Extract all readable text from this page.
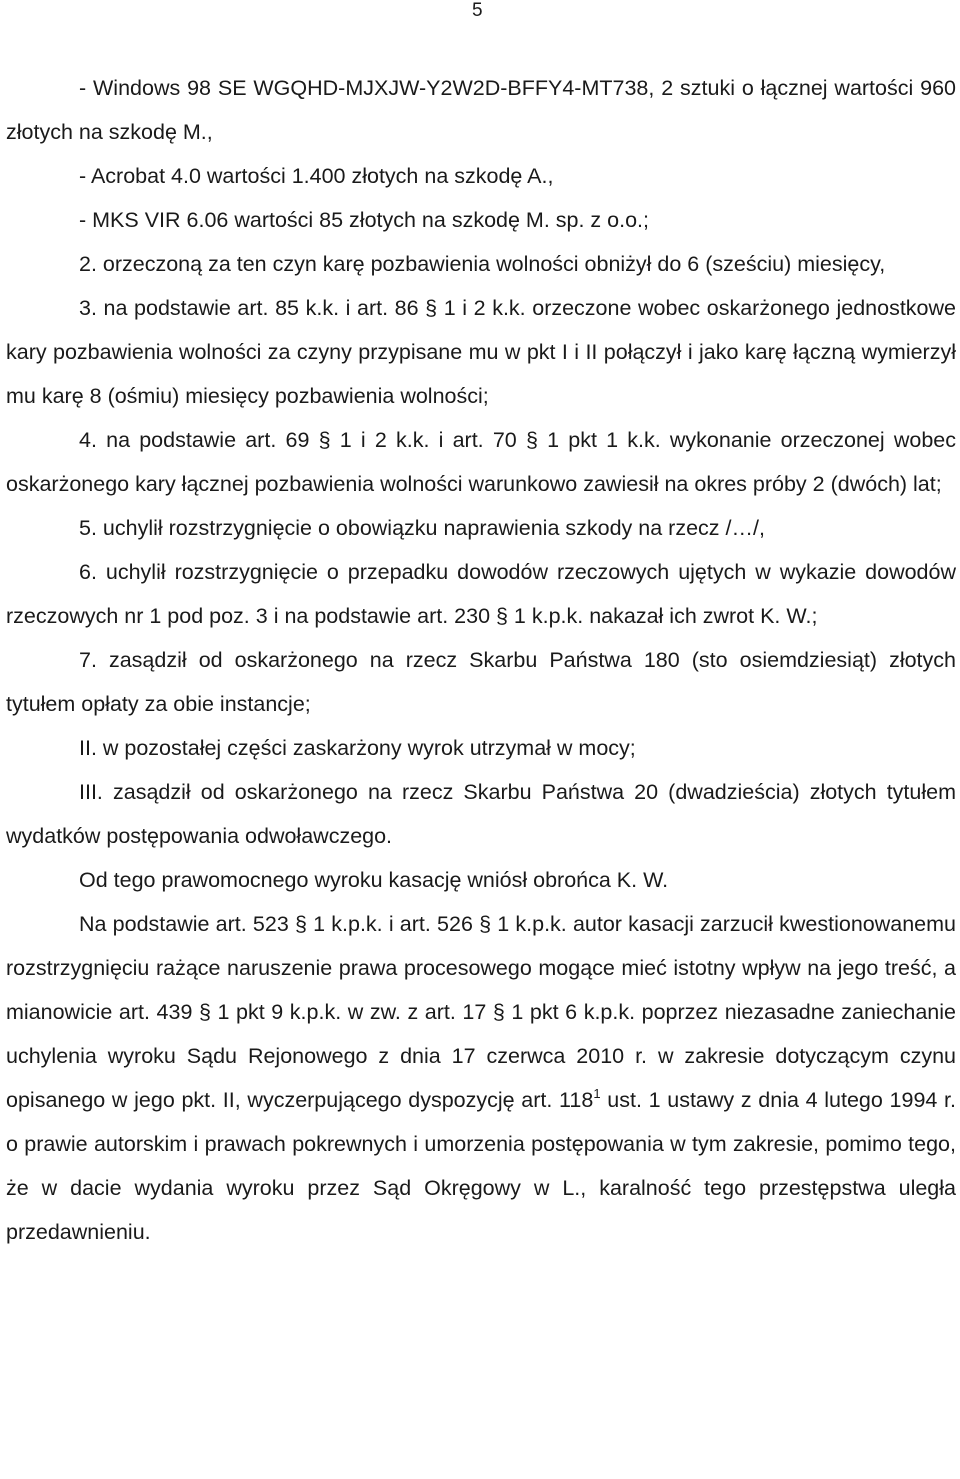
5

- Windows 98 SE WGQHD-MJXJW-Y2W2D-BFFY4-MT738, 2 sztuki o łącznej wartości 960 złotych na szkodę M.,

- Acrobat 4.0 wartości 1.400 złotych na szkodę A.,

- MKS VIR 6.06 wartości 85 złotych na szkodę M. sp. z o.o.;

2. orzeczoną za ten czyn karę pozbawienia wolności obniżył do 6 (sześciu) miesięcy,

3. na podstawie art. 85 k.k. i art. 86 § 1 i 2 k.k. orzeczone wobec oskarżonego jednostkowe kary pozbawienia wolności za czyny przypisane mu w pkt I i II połączył i jako karę łączną wymierzył mu karę 8 (ośmiu) miesięcy pozbawienia wolności;

4. na podstawie art. 69 § 1 i 2 k.k. i art. 70 § 1 pkt 1 k.k. wykonanie orzeczonej wobec oskarżonego kary łącznej pozbawienia wolności warunkowo zawiesił na okres próby 2 (dwóch) lat;

5. uchylił rozstrzygnięcie o obowiązku naprawienia szkody na rzecz /…/,

6. uchylił rozstrzygnięcie o przepadku dowodów rzeczowych ujętych w wykazie dowodów rzeczowych nr 1 pod poz. 3 i na podstawie art. 230 § 1 k.p.k. nakazał ich zwrot K. W.;

7. zasądził od oskarżonego na rzecz Skarbu Państwa 180 (sto osiemdziesiąt) złotych tytułem opłaty za obie instancje;

II. w pozostałej części zaskarżony wyrok utrzymał w mocy;

III. zasądził od oskarżonego na rzecz Skarbu Państwa 20 (dwadzieścia) złotych tytułem wydatków postępowania odwoławczego.

Od tego prawomocnego wyroku kasację wniósł obrońca K. W.

Na podstawie art. 523 § 1 k.p.k. i art. 526 § 1 k.p.k. autor kasacji zarzucił kwestionowanemu rozstrzygnięciu rażące naruszenie prawa procesowego mogące mieć istotny wpływ na jego treść, a mianowicie art. 439 § 1 pkt 9 k.p.k. w zw. z art. 17 § 1 pkt 6 k.p.k. poprzez niezasadne zaniechanie uchylenia wyroku Sądu Rejonowego z dnia 17 czerwca 2010 r. w zakresie dotyczącym czynu opisanego w jego pkt. II, wyczerpującego dyspozycję art. $118^1$ ust. 1 ustawy z dnia 4 lutego 1994 r. o prawie autorskim i prawach pokrewnych i umorzenia postępowania w tym zakresie, pomimo tego, że w dacie wydania wyroku przez Sąd Okręgowy w L., karalność tego przestępstwa uległa przedawnieniu.
